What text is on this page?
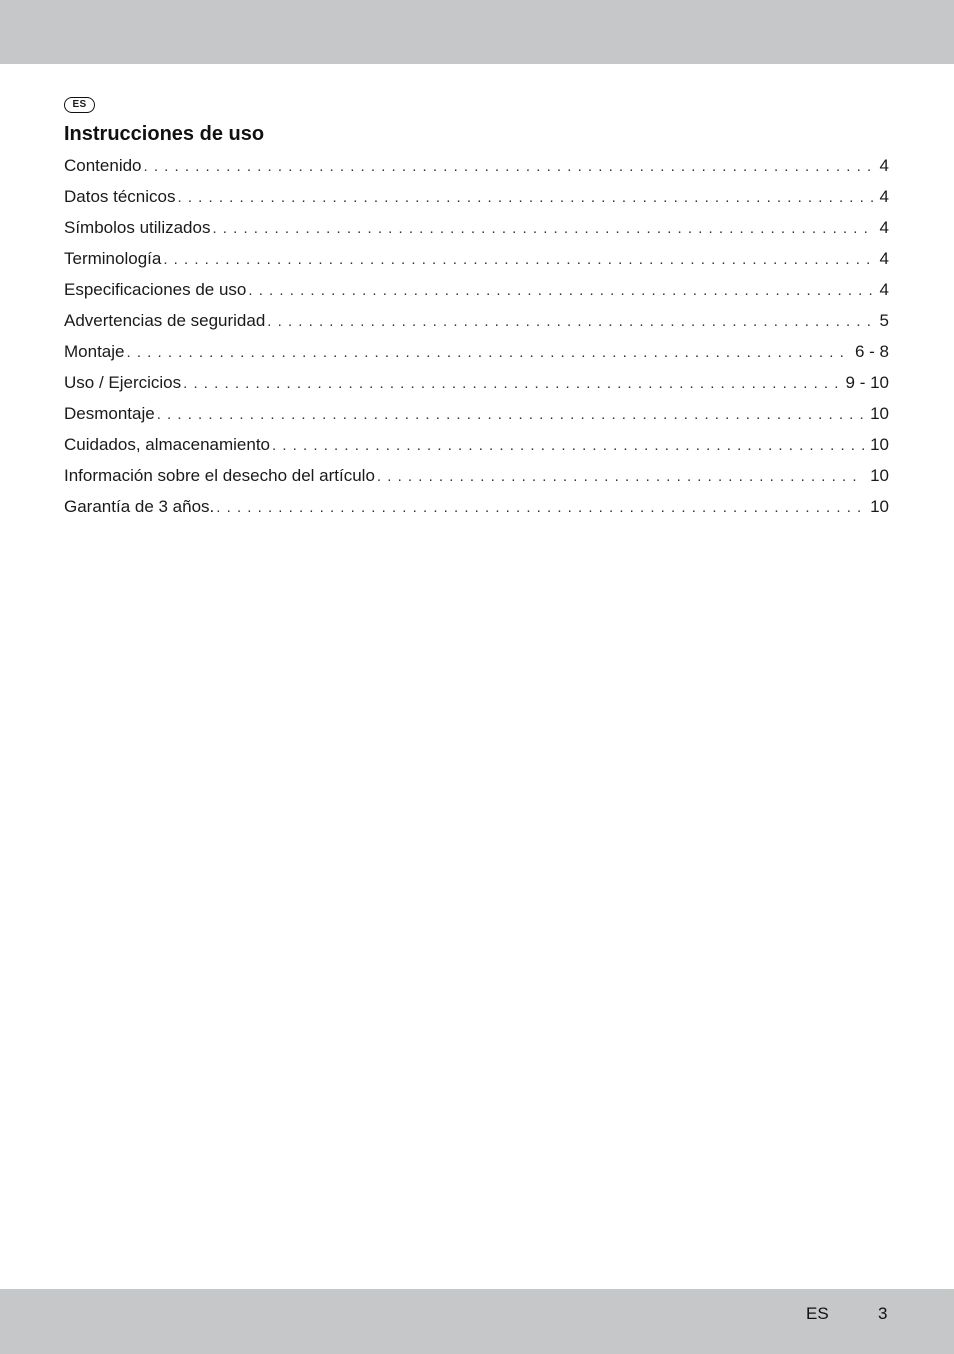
ES
Instrucciones de uso
Contenido . . .	4
Datos técnicos . . .	4
Símbolos utilizados . . .	4
Terminología . . .	4
Especificaciones de uso . . .	4
Advertencias de seguridad . . .	5
Montaje . . .	6 - 8
Uso / Ejercicios . . .	9 - 10
Desmontaje . . .	10
Cuidados, almacenamiento . . .	10
Información sobre el desecho del artículo . . .	10
Garantía de 3 años. . . .	10
ES	3
